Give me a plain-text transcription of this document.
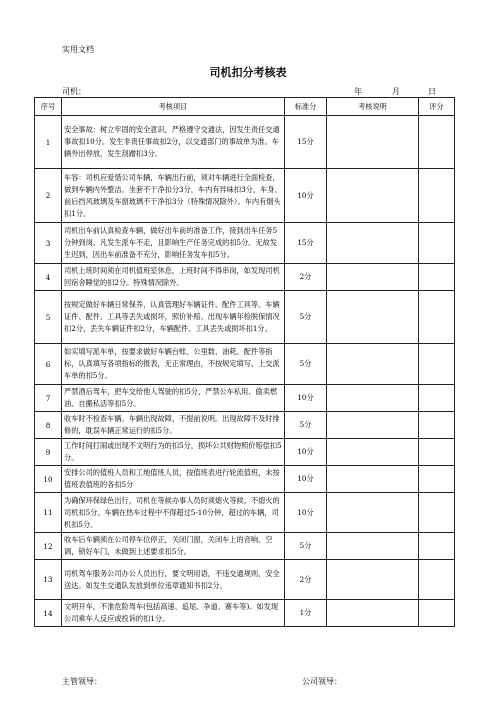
实用文档
司机扣分考核表
司机：	年	月	日
序号	考核项目	标准分	考核说明	评分
1	安全事故：树立牢固的安全意识，严格遵守交通法，因发生责任交通事故扣10分。发生非责任事故扣2分，以交通部门的事故单为准。车辆外出停放，发生刮蹭扣3分。	15分		
2	车容：司机应爱惜公司车辆，车辆出行前，须对车辆进行全面检查，做到车辆内外整洁。坐套不干净扣分3分，车内有异味扣3分，车身、前后挡风玻璃及车窗玻璃不干净扣3分（特殊情况除外）。车内有烟头扣1分。	10分		
3	司机出车前认真检查车辆，做好出车前的准备工作，接到出车任务5分钟到岗。凡发生派车不走，且影响生产任务完成的扣5分。无故发生迟到，因出车前准备不充分，影响任务发车扣5分。	15分		
4	司机上班时间须在司机值班室休息，上班时间不得串岗，如发现司机回宿舍睡觉的扣2分。特殊情况除外。	2分		
5	按规定做好车辆日常保养，认真管理好车辆证件、配件工具等。车辆证件、配件、工具等丢失或损坏，照价补赔。出现车辆年检脱保情况扣2分，丢失车辆证件扣2分，车辆配件、工具丢失或损坏扣1分。	5分		
6	如实填写派车单，按要求做好车辆台账、公里数、油耗、配件等指标，认真填写各项指标的报表，无正常理由，不按规定填写、上交派车单的扣5分。	5分		
7	严禁酒后驾车，把车交给他人驾驶的扣5分，严禁公车私用、偷卖燃油、自搬私活等扣5分。	10分		
8	收车时不检查车辆。车辆出现故障，不提前说明。出现故障不及时排修的，耽误车辆正常运行的扣5分。	5分		
9	工作时间打闹或出现不文明行为的扣5分，损坏公共财物照价赔偿扣5分。	10分		
10	安排公司的值班人员和工地值班人员，按值班表进行轮流值班，未按值班表值班的各扣5分	10分		
11	为确保环保绿色出行，司机在等候办事人员时须熄火等候，不熄火的司机扣5分。车辆在热车过程中不得超过5-10分钟，超过的车辆，司机扣5分。	10分		
12	收车后车辆须在公司停车位停正，关闭门窗，关闭车上的音响、空调，锁好车门，未做到上述要求扣5分。	5分		
13	司机驾车服务公司办公人员出行，要文明用语，不违交通规则，安全送达。如发生交通队发放到单位违章通知书扣2分。	2分		
14	文明开车，不准危险驾车(包括高速、追尾、争道、赛车等)。如发现公司乘车人反应或投诉的扣1分。	1分		
主管领导：	公司领导：
